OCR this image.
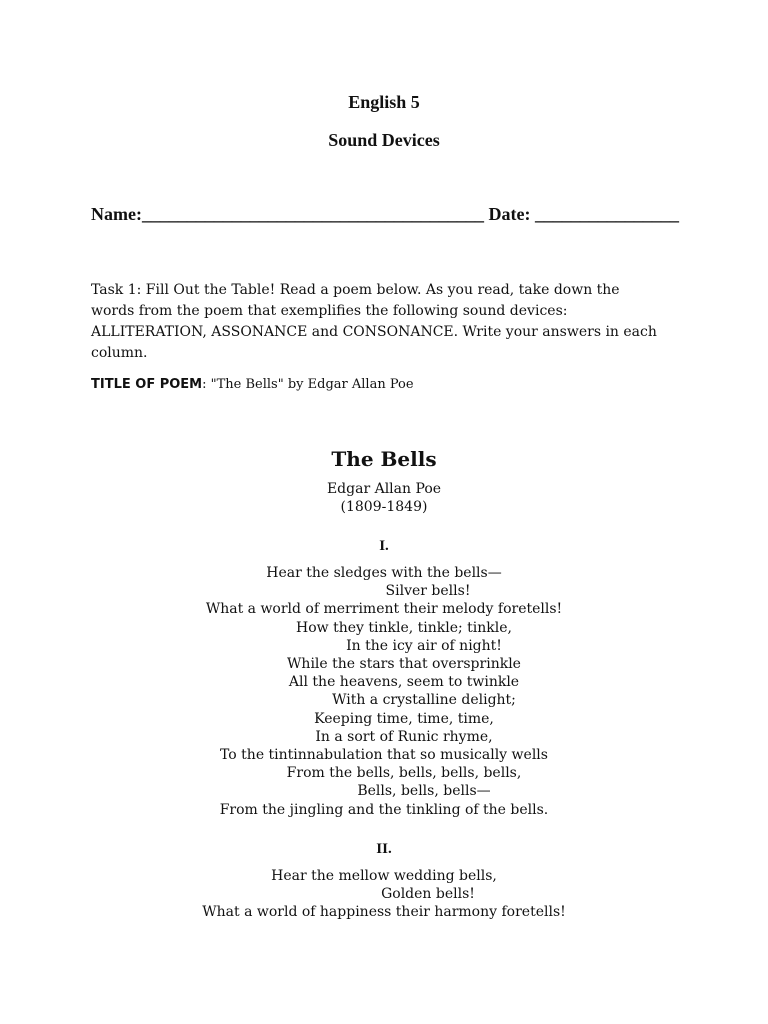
English 5
Sound Devices
Name:______________________________________ Date: ________________
Task 1: Fill Out the Table! Read a poem below. As you read, take down the
words from the poem that exemplifies the following sound devices:
ALLITERATION, ASSONANCE and CONSONANCE. Write your answers in each
column.
TITLE OF POEM: "The Bells" by Edgar Allan Poe
The Bells
Edgar Allan Poe
(1809-1849)
I.
Hear the sledges with the bells—
Silver bells!
What a world of merriment their melody foretells!
How they tinkle, tinkle; tinkle,
In the icy air of night!
While the stars that oversprinkle
All the heavens, seem to twinkle
With a crystalline delight;
Keeping time, time, time,
In a sort of Runic rhyme,
To the tintinnabulation that so musically wells
From the bells, bells, bells, bells,
Bells, bells, bells—
From the jingling and the tinkling of the bells.
II.
Hear the mellow wedding bells,
Golden bells!
What a world of happiness their harmony foretells!
